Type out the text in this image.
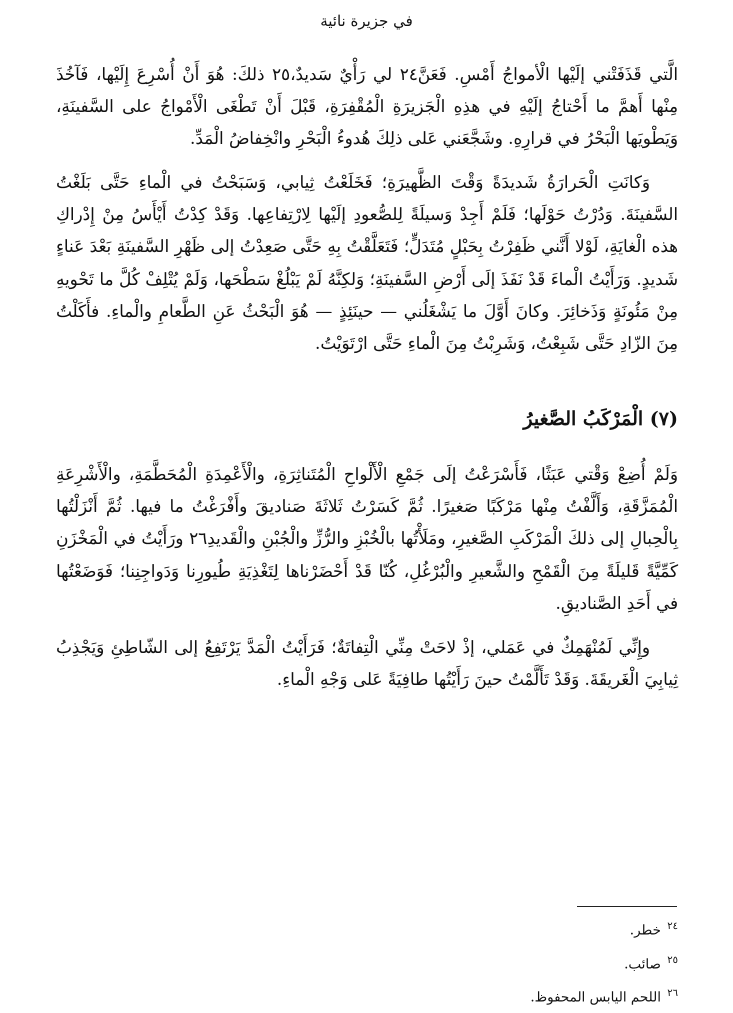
في جزيرة نائية

الَّتي قَذَفَتْني إلَيْها الْأمواجُ أَمْسِ. فَعَنَّ٢٤ لي رَأْيٌ سَديدٌ،٢٥ ذلكَ: هُوَ أَنْ أُسْرِعَ إِلَيْها، فَآخُذَ مِنْها أَهمَّ ما أَحْتاجُ إلَيْهِ في هذِهِ الْجَزيرَةِ الْمُقْفِرَةِ، قَبْلَ أَنْ تَطْغَى الْأَمْواجُ على السَّفينَةِ، وَيَطْويَها الْبَحْرُ في قرارِهِ. وشَجَّعَني عَلى ذلِكَ هُدوءُ الْبَحْرِ وانْخِفاضُ الْمَدِّ.

وَكانَتِ الْحَرارَةُ شَديدَةً وَقْتَ الظَّهيرَةِ؛ فَخَلَعْتُ ثِيابي، وَسَبَحْتُ في الْماءِ حَتَّى بَلَغْتُ السَّفينَةَ. وَدُرْتُ حَوْلَها؛ فَلَمْ أَجِدْ وَسيلَةً لِلصُّعودِ إلَيْها لِارْتِفاعِها. وَقَدْ كِدْتُ أَيْأَسُ مِنْ إِدْراكِ هذه الْغايَةِ، لَوْلا أَنَّني ظَفِرْتُ بِحَبْلٍ مُتَدَلٍّ؛ فَتَعَلَّقْتُ بِهِ حَتَّى صَعِدْتُ إلى ظَهْرِ السَّفينَةِ بَعْدَ عَناءٍ شَديدٍ. وَرَأَيْتُ الْماءَ قَدْ نَفَذَ إلَى أَرْضِ السَّفينَةِ؛ وَلكِنَّهُ لَمْ يَبْلُغْ سَطْحَها، وَلَمْ يُتْلِفْ كُلَّ ما تَحْويهِ مِنْ مَئُونَةٍ وَذَخائِرَ. وكانَ أَوَّلَ ما يَشْغَلُني — حينَئِذٍ — هُوَ الْبَحْثُ عَنِ الطَّعامِ والْماءِ. فأَكَلْتُ مِنَ الزّادِ حَتَّى شَبِعْتُ، وَشَرِبْتُ مِنَ الْماءِ حَتَّى ارْتَوَيْتُ.

(٧) الْمَرْكَبُ الصَّغيرُ

وَلَمْ أُضِعْ وَقْتي عَبَثًا، فَأَسْرَعْتُ إلَى جَمْعِ الْأَلْواحِ الْمُتَناثِرَةِ، والْأَعْمِدَةِ الْمُحَطَّمَةِ، والْأَشْرِعَةِ الْمُمَزَّقَةِ، وَأَلَّفْتُ مِنْها مَرْكَبًا صَغيرًا. ثُمَّ كَسَرْتُ ثَلاثَةَ صَناديقَ وأَفْرَغْتُ ما فيها. ثُمَّ أَنْزَلْتُها بِالْحِبالِ إلى ذلكَ الْمَرْكَبِ الصَّغيرِ، ومَلَأْتُها بالْخُبْزِ والرُّزِّ والْجُبْنِ والْقَديدِ٢٦ ورَأَيْتُ في الْمَخْزَنِ كَمِّيَّةً قَليلَةً مِنَ الْقَمْحِ والشَّعيرِ والْبُرْغُلِ، كُنّا قَدْ أَحْضَرْناها لِتَغْذِيَةِ طُيورِنا وَدَواجِنِنا؛ فَوَضَعْتُها في أَحَدِ الصَّناديقِ.

وإِنِّي لَمُنْهَمِكٌ في عَمَلي، إذْ لاحَتْ مِنِّي الْتِفاتَةٌ؛ فَرَأَيْتُ الْمَدَّ يَرْتَفِعُ إلى الشّاطِئِ وَيَجْذِبُ ثِيابِيَ الْغَريقَةَ. وَقَدْ تَأَلَّمْتُ حينَ رَأَيْتُها طافِيَةً عَلى وَجْهِ الْماءِ.

$^{٢٤}$ خطر.
$^{٢٥}$ صائب.
$^{٢٦}$ اللحم اليابس المحفوظ.
